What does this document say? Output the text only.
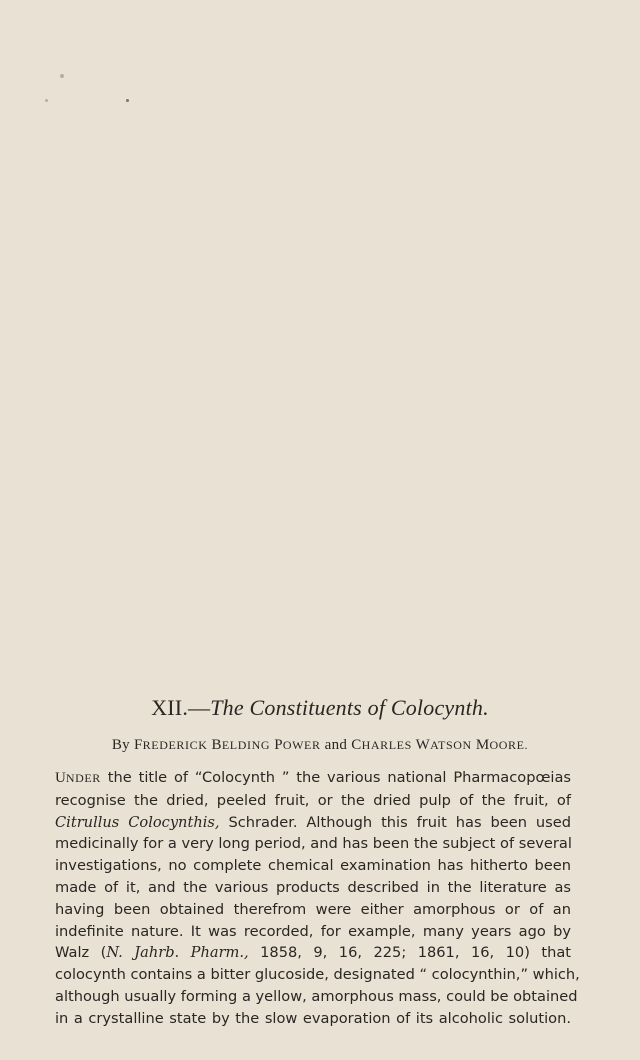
XII.—The Constituents of Colocynth.
By FREDERICK BELDING POWER and CHARLES WATSON MOORE.
UNDER the title of “Colocynth ” the various national Pharmacopœias
recognise the dried, peeled fruit, or the dried pulp of the fruit, of
Citrullus Colocynthis, Schrader. Although this fruit has been used
medicinally for a very long period, and has been the subject of several
investigations, no complete chemical examination has hitherto been
made of it, and the various products described in the literature as
having been obtained therefrom were either amorphous or of an
indefinite nature. It was recorded, for example, many years ago by
Walz (N. Jahrb. Pharm., 1858, 9, 16, 225; 1861, 16, 10) that
colocynth contains a bitter glucoside, designated “ colocynthin,” which,
although usually forming a yellow, amorphous mass, could be obtained
in a crystalline state by the slow evaporation of its alcoholic solution.
